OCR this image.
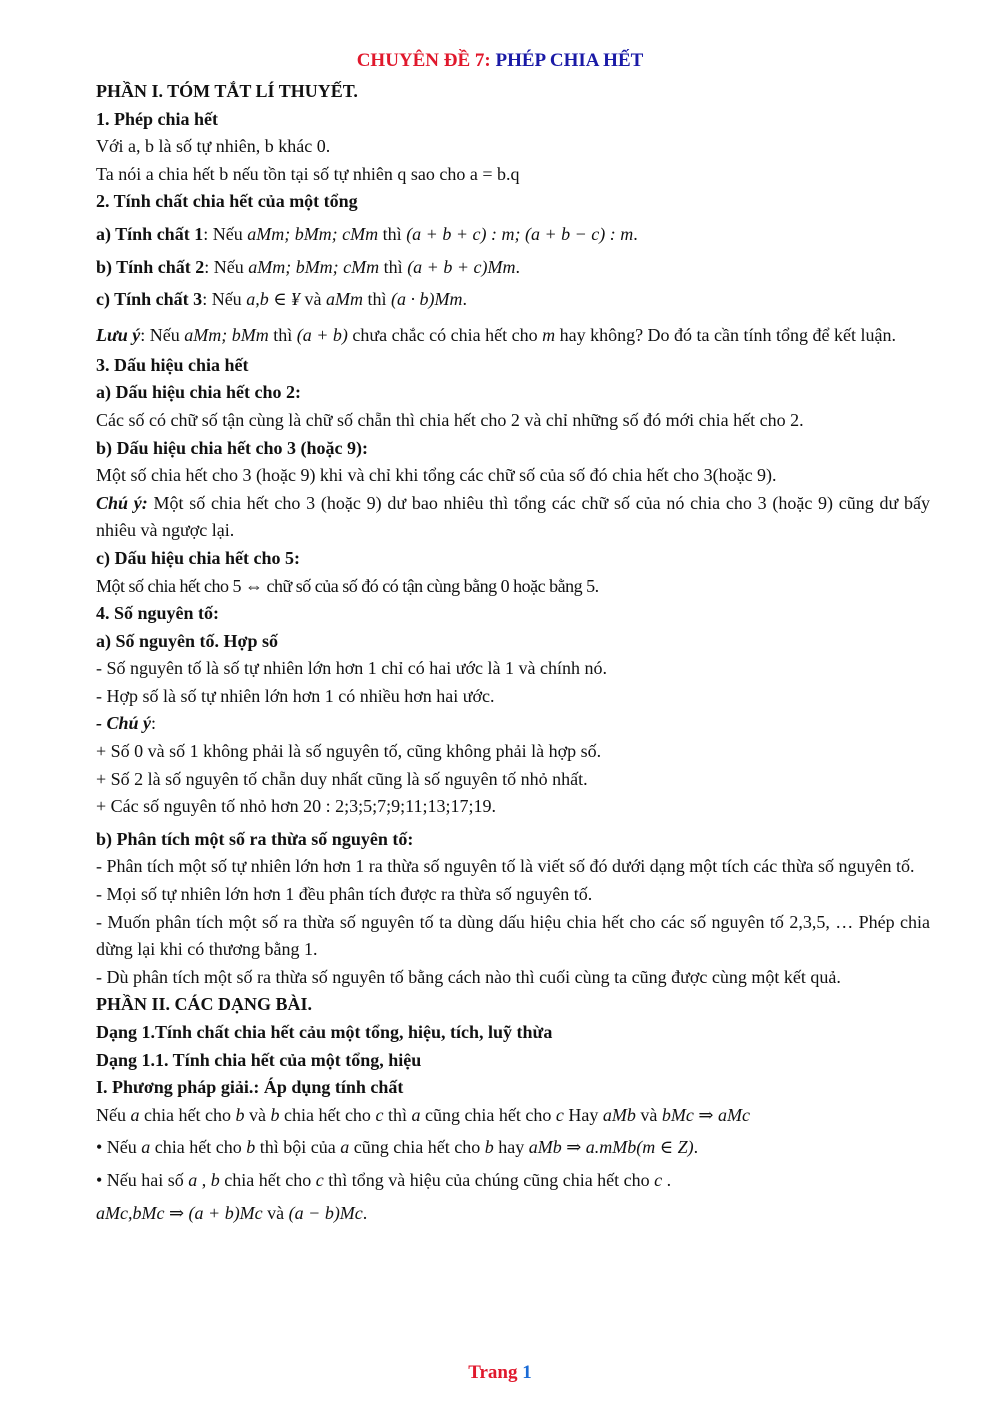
CHUYÊN ĐỀ 7: PHÉP CHIA HẾT
PHẦN I. TÓM TẮT LÍ THUYẾT.
1. Phép chia hết
Với a, b là số tự nhiên, b khác 0.
Ta nói a chia hết b nếu tồn tại số tự nhiên q sao cho a = b.q
2. Tính chất chia hết của một tổng
a) Tính chất 1: Nếu aMm; bMm; cMm thì (a + b + c) : m; (a + b − c) : m.
b) Tính chất 2: Nếu aMm; bMm; cMm thì (a + b + c)Mm.
c) Tính chất 3: Nếu a,b ∈ ¥ và aMm thì (a · b)Mm.
Lưu ý: Nếu aMm; bMm thì (a + b) chưa chắc có chia hết cho m hay không? Do đó ta cần tính tổng để kết luận.
3. Dấu hiệu chia hết
a) Dấu hiệu chia hết cho 2:
Các số có chữ số tận cùng là chữ số chẵn thì chia hết cho 2 và chỉ những số đó mới chia hết cho 2.
b) Dấu hiệu chia hết cho 3 (hoặc 9):
Một số chia hết cho 3 (hoặc 9) khi và chỉ khi tổng các chữ số của số đó chia hết cho 3(hoặc 9).
Chú ý: Một số chia hết cho 3 (hoặc 9) dư bao nhiêu thì tổng các chữ số của nó chia cho 3 (hoặc 9) cũng dư bấy nhiêu và ngược lại.
c) Dấu hiệu chia hết cho 5:
Một số chia hết cho 5 ⇔ chữ số của số đó có tận cùng bằng 0 hoặc bằng 5.
4. Số nguyên tố:
a) Số nguyên tố. Hợp số
- Số nguyên tố là số tự nhiên lớn hơn 1 chỉ có hai ước là 1 và chính nó.
- Hợp số là số tự nhiên lớn hơn 1 có nhiều hơn hai ước.
- Chú ý:
+ Số 0 và số 1 không phải là số nguyên tố, cũng không phải là hợp số.
+ Số 2 là số nguyên tố chẵn duy nhất cũng là số nguyên tố nhỏ nhất.
+ Các số nguyên tố nhỏ hơn 20 : 2;3;5;7;9;11;13;17;19.
b) Phân tích một số ra thừa số nguyên tố:
- Phân tích một số tự nhiên lớn hơn 1 ra thừa số nguyên tố là viết số đó dưới dạng một tích các thừa số nguyên tố.
- Mọi số tự nhiên lớn hơn 1 đều phân tích được ra thừa số nguyên tố.
- Muốn phân tích một số ra thừa số nguyên tố ta dùng dấu hiệu chia hết cho các số nguyên tố 2,3,5, … Phép chia dừng lại khi có thương bằng 1.
- Dù phân tích một số ra thừa số nguyên tố bằng cách nào thì cuối cùng ta cũng được cùng một kết quả.
PHẦN II. CÁC DẠNG BÀI.
Dạng 1.Tính chất chia hết cảu một tổng, hiệu, tích, luỹ thừa
Dạng 1.1. Tính chia hết của một tổng, hiệu
I. Phương pháp giải.: Áp dụng tính chất
Nếu a chia hết cho b và b chia hết cho c thì a cũng chia hết cho c Hay aMb và bMc ⇒ aMc
• Nếu a chia hết cho b thì bội của a cũng chia hết cho b hay aMb ⇒ a.mMb(m ∈ Z).
• Nếu hai số a , b chia hết cho c thì tổng và hiệu của chúng cũng chia hết cho c .
aMc,bMc ⇒ (a + b)Mc và (a − b)Mc.
Trang 1
